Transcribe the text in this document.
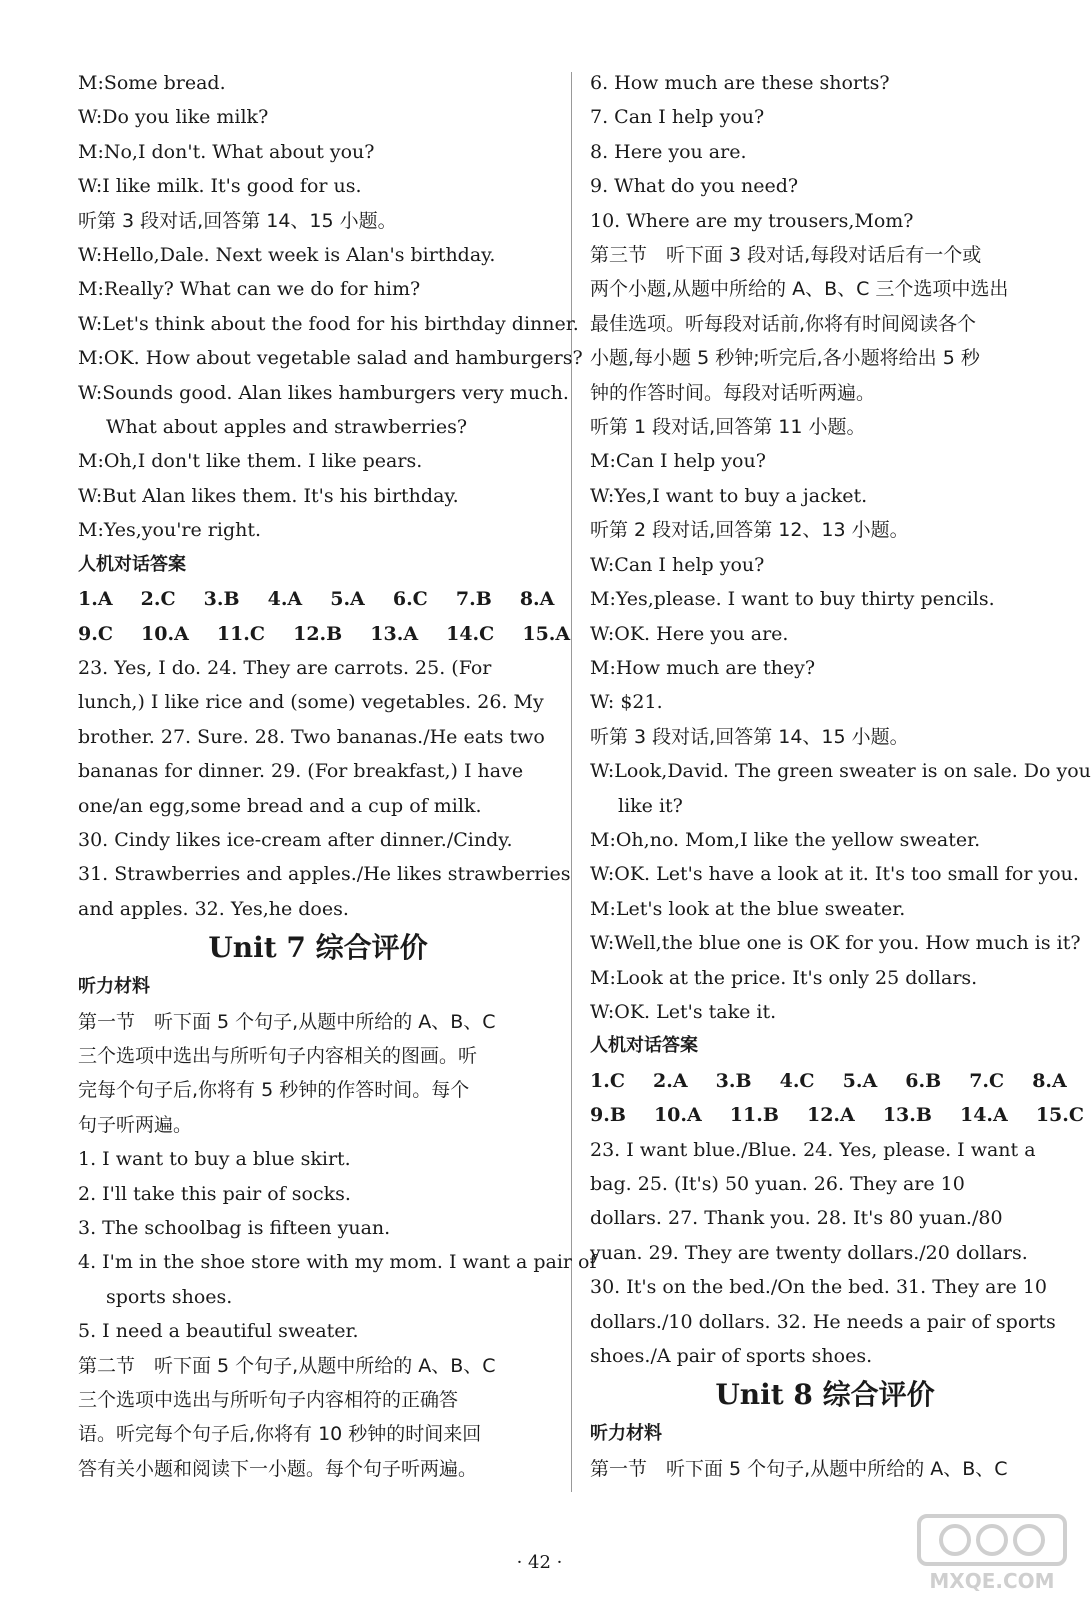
M:Some bread.
W:Do you like milk?
M:No,I don't. What about you?
W:I like milk. It's good for us.
听第 3 段对话,回答第 14、15 小题。
W:Hello,Dale. Next week is Alan's birthday.
M:Really? What can we do for him?
W:Let's think about the food for his birthday dinner.
M:OK. How about vegetable salad and hamburgers?
W:Sounds good. Alan likes hamburgers very much.
What about apples and strawberries?
M:Oh,I don't like them. I like pears.
W:But Alan likes them. It's his birthday.
M:Yes,you're right.
人机对话答案
1.A 2.C 3.B 4.A 5.A 6.C 7.B 8.A
9.C 10.A 11.C 12.B 13.A 14.C 15.A
23. Yes, I do. 24. They are carrots. 25. (For
lunch,) I like rice and (some) vegetables. 26. My
brother. 27. Sure. 28. Two bananas./He eats two
bananas for dinner. 29. (For breakfast,) I have
one/an egg,some bread and a cup of milk.
30. Cindy likes ice-cream after dinner./Cindy.
31. Strawberries and apples./He likes strawberries
and apples. 32. Yes,he does.
Unit 7 综合评价
听力材料
第一节　听下面 5 个句子,从题中所给的 A、B、C
三个选项中选出与所听句子内容相关的图画。听
完每个句子后,你将有 5 秒钟的作答时间。每个
句子听两遍。
1. I want to buy a blue skirt.
2. I'll take this pair of socks.
3. The schoolbag is fifteen yuan.
4. I'm in the shoe store with my mom. I want a pair of
sports shoes.
5. I need a beautiful sweater.
第二节　听下面 5 个句子,从题中所给的 A、B、C
三个选项中选出与所听句子内容相符的正确答
语。听完每个句子后,你将有 10 秒钟的时间来回
答有关小题和阅读下一小题。每个句子听两遍。
6. How much are these shorts?
7. Can I help you?
8. Here you are.
9. What do you need?
10. Where are my trousers,Mom?
第三节　听下面 3 段对话,每段对话后有一个或
两个小题,从题中所给的 A、B、C 三个选项中选出
最佳选项。听每段对话前,你将有时间阅读各个
小题,每小题 5 秒钟;听完后,各小题将给出 5 秒
钟的作答时间。每段对话听两遍。
听第 1 段对话,回答第 11 小题。
M:Can I help you?
W:Yes,I want to buy a jacket.
听第 2 段对话,回答第 12、13 小题。
W:Can I help you?
M:Yes,please. I want to buy thirty pencils.
W:OK. Here you are.
M:How much are they?
W: $21.
听第 3 段对话,回答第 14、15 小题。
W:Look,David. The green sweater is on sale. Do you
like it?
M:Oh,no. Mom,I like the yellow sweater.
W:OK. Let's have a look at it. It's too small for you.
M:Let's look at the blue sweater.
W:Well,the blue one is OK for you. How much is it?
M:Look at the price. It's only 25 dollars.
W:OK. Let's take it.
人机对话答案
1.C 2.A 3.B 4.C 5.A 6.B 7.C 8.A
9.B 10.A 11.B 12.A 13.B 14.A 15.C
23. I want blue./Blue. 24. Yes, please. I want a
bag. 25. (It's) 50 yuan. 26. They are 10
dollars. 27. Thank you. 28. It's 80 yuan./80
yuan. 29. They are twenty dollars./20 dollars.
30. It's on the bed./On the bed. 31. They are 10
dollars./10 dollars. 32. He needs a pair of sports
shoes./A pair of sports shoes.
Unit 8 综合评价
听力材料
第一节　听下面 5 个句子,从题中所给的 A、B、C
· 42 ·
MXQE.COM
